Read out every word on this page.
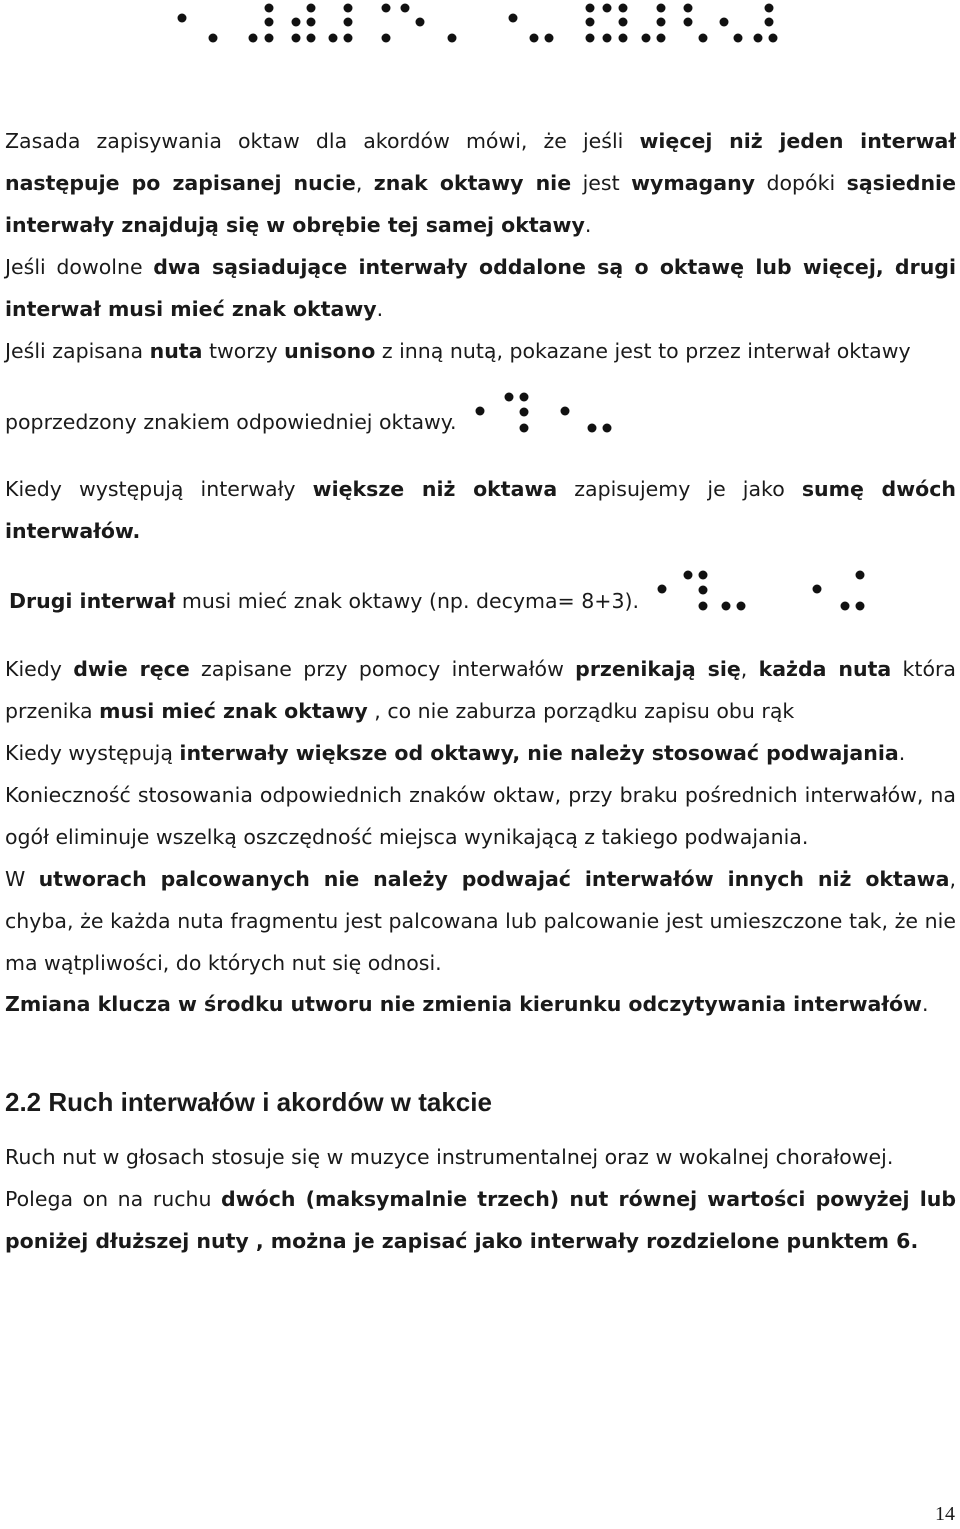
Zasada zapisywania oktaw dla akordów mówi, że jeśli więcej niż jeden interwał następuje po zapisanej nucie, znak oktawy nie jest wymagany dopóki sąsiednie interwały znajdują się w obrębie tej samej oktawy.

Jeśli dowolne dwa sąsiadujące interwały oddalone są o oktawę lub więcej, drugi interwał musi mieć znak oktawy.

Jeśli zapisana nuta tworzy unisono z inną nutą, pokazane jest to przez interwał oktawy

poprzedzony znakiem odpowiedniej oktawy.

Kiedy występują interwały większe niż oktawa zapisujemy je jako sumę dwóch interwałów.

Drugi interwał musi mieć znak oktawy (np. decyma= 8+3).

Kiedy dwie ręce zapisane przy pomocy interwałów przenikają się, każda nuta która przenika musi mieć znak oktawy , co nie zaburza porządku zapisu obu rąk

Kiedy występują interwały większe od oktawy, nie należy stosować podwajania.

Konieczność stosowania odpowiednich znaków oktaw, przy braku pośrednich interwałów, na ogół eliminuje wszelką oszczędność miejsca wynikającą z takiego podwajania.

W utworach palcowanych nie należy podwajać interwałów innych niż oktawa, chyba, że każda nuta fragmentu jest palcowana lub palcowanie jest umieszczone tak, że nie ma wątpliwości, do których nut się odnosi.

Zmiana klucza w środku utworu nie zmienia kierunku odczytywania interwałów.

2.2 Ruch interwałów i akordów w takcie

Ruch nut w głosach stosuje się w muzyce instrumentalnej oraz w wokalnej chorałowej.

Polega on na ruchu dwóch (maksymalnie trzech) nut równej wartości powyżej lub poniżej dłuższej nuty , można je zapisać jako interwały rozdzielone punktem 6.

14
